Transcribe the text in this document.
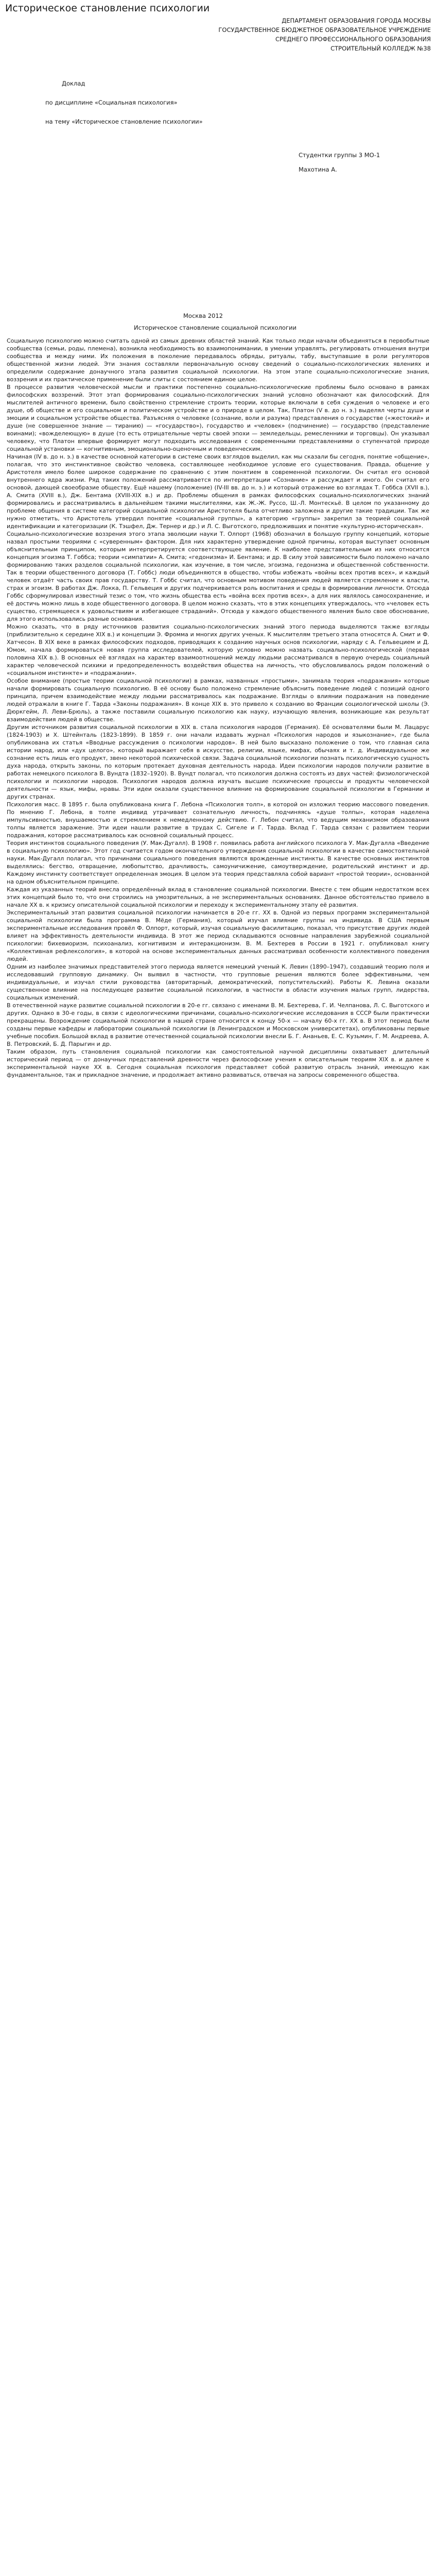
Историческое становление психологии
ДЕПАРТАМЕНТ ОБРАЗОВАНИЯ ГОРОДА МОСКВЫ
ГОСУДАРСТВЕННОЕ БЮДЖЕТНОЕ ОБРАЗОВАТЕЛЬНОЕ УЧРЕЖДЕНИЕ
СРЕДНЕГО ПРОФЕССИОНАЛЬНОГО ОБРАЗОВАНИЯ
СТРОИТЕЛЬНЫЙ КОЛЛЕДЖ №38
Доклад
по дисциплине «Социальная психология»
на тему «Историческое становление психологии»
Студентки группы 3 МО-1
Махотина А.
Москва 2012
Историческое становление социальной психологии

Социальную психологию можно считать одной из самых древних областей знаний. Как только люди начали объединяться в первобытные сообщества (семьи, роды, племена), возникла необходимость во взаимопонимании, в умении управлять, регулировать отношения внутри сообщества и между ними. Их положения в поколение передавалось обряды, ритуалы, табу, выступавшие в роли регуляторов общественной жизни людей. Эти знания составляли первоначальную основу сведений о социально-психологических явлениях и определили содержание донаучного этапа развития социальной психологии. На этом этапе социально-психологические знания, воззрения и их практическое применение были слиты с состоянием единое целое.

В процессе развития человеческой мысли и практики постепенно социально-психологические проблемы было основано в рамках философских воззрений. Этот этап формирования социально-психологических знаний условно обозначают как философский. Для мыслителей античного времени, было свойственно стремление строить теории, которые включали в себя суждения о человеке и его душе, об обществе и его социальном и политическом устройстве и о природе в целом. Так, Платон (V в. до н. э.) выделял черты души и эмоции и социальном устройстве общества. Разъясняя о человеке (сознание, воли и разума) представления о государстве («жестокий» и душе (не совершенное знание — тиранию) — «государство»), государство и «человек» (подчинение) — государство (представление воинами); «вожделеющую» в душе (то есть отрицательные черты своей эпохи — земледельцы, ремесленники и торговцы). Он указывал человеку, что Платон впервые формирует могут подходить исследования с современными представлениями о ступенчатой природе социальной установки — когнитивным, эмоционально-оценочным и поведенческим.

Начиная (IV в. до н. э.) в качестве основной категории в системе своих взглядов выделил, как мы сказали бы сегодня, понятие «общение», полагая, что это инстинктивное свойство человека, составляющее необходимое условие его существования. Правда, общение у Аристотеля имело более широкое содержание по сравнению с этим понятием в современной психологии. Он считал его основой внутреннего ядра жизни. Ряд таких положений рассматривается по интерпретации «Сознание» и рассуждает и иного. Он считал его основой, дающей своеобразие обществу. Ещё нашему (положение) (IV-III вв. до н. э.) и который отражение во взглядах Т. Гоббса (XVII в.), А. Смита (XVIII в.), Дж. Бентама (XVIII-XIX в.) и др. Проблемы общения в рамках философских социально-психологических знаний формировались и рассматривались в дальнейшем такими мыслителями, как Ж.-Ж. Руссо, Ш.-Л. Монтескьё. В целом по указанному до проблеме общения в системе категорий социальной психологии Аристотеля была отчетливо заложена и другие такие традиции. Так же нужно отметить, что Аристотель утвердил понятие «социальной группы», а категорию «группы» закрепил за теорией социальной идентификации и категоризации (К. Тэшфел, Дж. Тернер и др.) и Л. С. Выготского, предложивших и понятие «культурно-историческая».

Социально-психологические воззрения этого этапа эволюции науки Т. Олпорт (1968) обозначил в большую группу концепций, которые назвал простыми теориями с «суверенным» фактором. Для них характерно утверждение одной причины, которая выступает основным объяснительным принципом, которым интерпретируется соответствующее явление. К наиболее представительным из них относится концепция эгоизма Т. Гоббса; теории «симпатии» А. Смита; «гедонизма» И. Бентама; и др. В силу этой зависимости было положено начало формированию таких разделов социальной психологии, как изучение, в том числе, эгоизма, гедонизма и общественной собственности. Так в теории общественного договора (Т. Гоббс) люди объединяются в общество, чтобы избежать «войны всех против всех», и каждый человек отдаёт часть своих прав государству. Т. Гоббс считал, что основным мотивом поведения людей является стремление к власти, страх и эгоизм. В работах Дж. Локка, П. Гельвеция и других подчеркивается роль воспитания и среды в формировании личности. Отсюда Гоббс сформулировал известный тезис о том, что жизнь общества есть «война всех против всех», а для них являлось самосохранение, и её достичь можно лишь в ходе общественного договора. В целом можно сказать, что в этих концепциях утверждалось, что «человек есть существо, стремящееся к удовольствиям и избегающее страданий». Отсюда у каждого общественного явления было свое обоснование, для этого использовались разные основания.

Можно сказать, что в ряду источников развития социально-психологических знаний этого периода выделяются также взгляды (приблизительно к середине XIX в.) и концепции Э. Фромма и многих других ученых. К мыслителям третьего этапа относятся А. Смит и Ф. Хатчесон. В XIX веке в рамках философских подходов, приводящих к созданию научных основ психологии, наряду с А. Гельвецием и Д. Юмом, начала формироваться новая группа исследователей, которую условно можно назвать социально-психологической (первая половина XIX в.). В основных её взглядах на характер взаимоотношений между людьми рассматривался в первую очередь социальный характер человеческой психики и предопределенность воздействия общества на личность, что обусловливалось рядом положений о «социальном инстинкте» и «подражании».

Особое внимание (простые теории социальной психологии) в рамках, названных «простыми», занимала теория «подражания» которые начали формировать социальную психологию. В её основу было положено стремление объяснить поведение людей с позиций одного принципа, причем взаимодействие между людьми рассматривалось как подражание. Взгляды о влиянии подражания на поведение людей отражали в книге Г. Тарда «Законы подражания». В конце XIX в. это привело к созданию во Франции социологической школы (Э. Дюркгейм, Л. Леви-Брюль), а также поставили социальную психологию как науку, изучающую явления, возникающие как результат взаимодействия людей в обществе.

Другим источником развития социальной психологии в XIX в. стала психология народов (Германия). Её основателями были М. Лацарус (1824-1903) и Х. Штейнталь (1823-1899). В 1859 г. они начали издавать журнал «Психология народов и языкознание», где была опубликована их статья «Вводные рассуждения о психологии народов». В ней было высказано положение о том, что главная сила истории народ, или «дух целого», который выражает себя в искусстве, религии, языке, мифах, обычаях и т. д. Индивидуальное же сознание есть лишь его продукт, звено некоторой психической связи. Задача социальной психологии познать психологическую сущность духа народа, открыть законы, по которым протекает духовная деятельность народа. Идеи психологии народов получили развитие в работах немецкого психолога В. Вундта (1832–1920). В. Вундт полагал, что психология должна состоять из двух частей: физиологической психологии и психологии народов. Психология народов должна изучать высшие психические процессы и продукты человеческой деятельности — язык, мифы, нравы. Эти идеи оказали существенное влияние на формирование социальной психологии в Германии и других странах.

Психология масс. В 1895 г. была опубликована книга Г. Лебона «Психология толп», в которой он изложил теорию массового поведения. По мнению Г. Лебона, в толпе индивид утрачивает сознательную личность, подчиняясь «душе толпы», которая наделена импульсивностью, внушаемостью и стремлением к немедленному действию. Г. Лебон считал, что ведущим механизмом образования толпы является заражение. Эти идеи нашли развитие в трудах С. Сигеле и Г. Тарда. Вклад Г. Тарда связан с развитием теории подражания, которое рассматривалось как основной социальный процесс.

Теория инстинктов социального поведения (У. Мак-Дугалл). В 1908 г. появилась работа английского психолога У. Мак-Дугалла «Введение в социальную психологию». Этот год считается годом окончательного утверждения социальной психологии в качестве самостоятельной науки. Мак-Дугалл полагал, что причинами социального поведения являются врожденные инстинкты. В качестве основных инстинктов выделялись: бегство, отвращение, любопытство, драчливость, самоуничижение, самоутверждение, родительский инстинкт и др. Каждому инстинкту соответствует определенная эмоция. В целом эта теория представляла собой вариант «простой теории», основанной на одном объяснительном принципе.

Каждая из указанных теорий внесла определённый вклад в становление социальной психологии. Вместе с тем общим недостатком всех этих концепций было то, что они строились на умозрительных, а не экспериментальных основаниях. Данное обстоятельство привело в начале XX в. к кризису описательной социальной психологии и переходу к экспериментальному этапу её развития.

Экспериментальный этап развития социальной психологии начинается в 20-е гг. XX в. Одной из первых программ экспериментальной социальной психологии была программа В. Мёде (Германия), который изучал влияние группы на индивида. В США первым экспериментальные исследования провёл Ф. Олпорт, который, изучая социальную фасилитацию, показал, что присутствие других людей влияет на эффективность деятельности индивида. В этот же период складываются основные направления зарубежной социальной психологии: бихевиоризм, психоанализ, когнитивизм и интеракционизм. В. М. Бехтерев в России в 1921 г. опубликовал книгу «Коллективная рефлексология», в которой на основе экспериментальных данных рассматривал особенности коллективного поведения людей.

Одним из наиболее значимых представителей этого периода является немецкий ученый К. Левин (1890–1947), создавший теорию поля и исследовавший групповую динамику. Он выявил в частности, что групповые решения являются более эффективными, чем индивидуальные, и изучал стили руководства (авторитарный, демократический, попустительский). Работы К. Левина оказали существенное влияние на последующее развитие социальной психологии, в частности в области изучения малых групп, лидерства, социальных изменений.

В отечественной науке развитие социальной психологии в 20-е гг. связано с именами В. М. Бехтерева, Г. И. Челпанова, Л. С. Выготского и других. Однако в 30-е годы, в связи с идеологическими причинами, социально-психологические исследования в СССР были практически прекращены. Возрождение социальной психологии в нашей стране относится к концу 50-х — началу 60-х гг. XX в. В этот период были созданы первые кафедры и лаборатории социальной психологии (в Ленинградском и Московском университетах), опубликованы первые учебные пособия. Большой вклад в развитие отечественной социальной психологии внесли Б. Г. Ананьев, Е. С. Кузьмин, Г. М. Андреева, А. В. Петровский, Б. Д. Парыгин и др.

Таким образом, путь становления социальной психологии как самостоятельной научной дисциплины охватывает длительный исторический период — от донаучных представлений древности через философские учения к описательным теориям XIX в. и далее к экспериментальной науке XX в. Сегодня социальная психология представляет собой развитую отрасль знаний, имеющую как фундаментальное, так и прикладное значение, и продолжает активно развиваться, отвечая на запросы современного общества.
